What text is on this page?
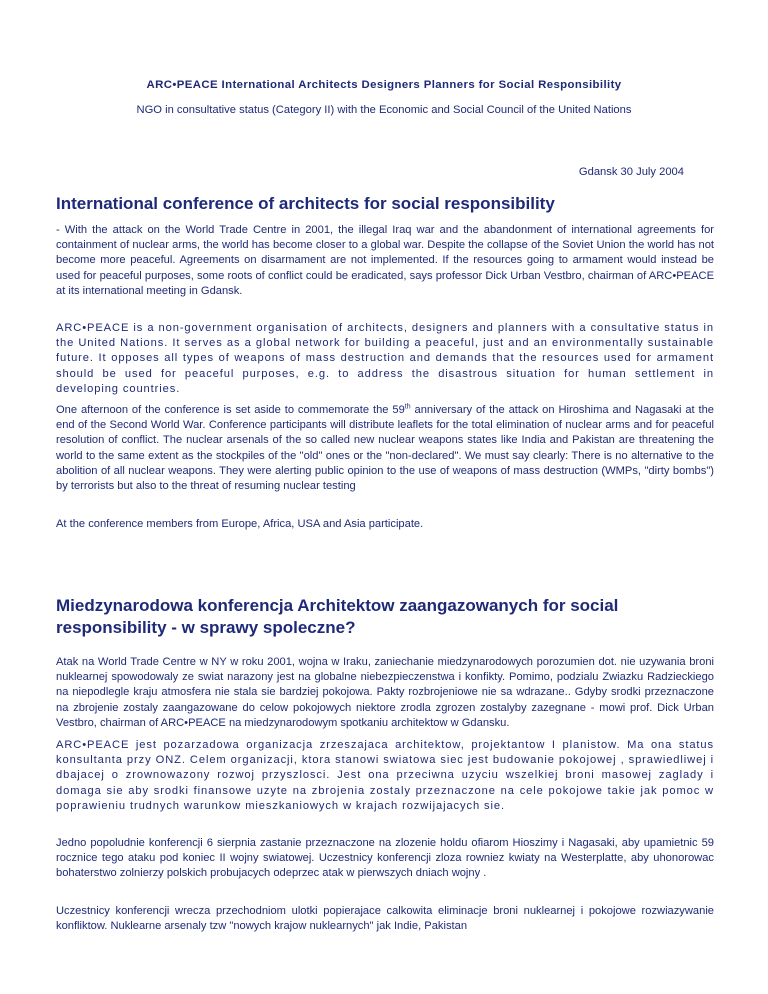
ARC•PEACE International Architects Designers Planners for Social Responsibility
NGO in consultative status (Category II) with the Economic and Social Council of the United Nations
Gdansk 30 July 2004
International conference of architects for social responsibility

- With the attack on the World Trade Centre in 2001, the illegal Iraq war and the abandonment of international agreements for containment of nuclear arms, the world has become closer to a global war. Despite the collapse of the Soviet Union the world has not become more peaceful. Agreements on disarmament are not implemented. If the resources going to armament would instead be used for peaceful purposes, some roots of conflict could be eradicated, says professor Dick Urban Vestbro, chairman of ARC•PEACE at its international meeting in Gdansk.

ARC•PEACE is a non-government organisation of architects, designers and planners with a consultative status in the United Nations. It serves as a global network for building a peaceful, just and an environmentally sustainable future. It opposes all types of weapons of mass destruction and demands that the resources used for armament should be used for peaceful purposes, e.g. to address the disastrous situation for human settlement in developing countries.

One afternoon of the conference is set aside to commemorate the 59th anniversary of the attack on Hiroshima and Nagasaki at the end of the Second World War. Conference participants will distribute leaflets for the total elimination of nuclear arms and for peaceful resolution of conflict. The nuclear arsenals of the so called new nuclear weapons states like India and Pakistan are threatening the world to the same extent as the stockpiles of the "old" ones or the "non-declared". We must say clearly: There is no alternative to the abolition of all nuclear weapons. They were alerting public opinion to the use of weapons of mass destruction (WMPs, "dirty bombs") by terrorists but also to the threat of resuming nuclear testing

At the conference members from Europe, Africa, USA and Asia participate.

Miedzynarodowa konferencja Architektow zaangazowanych for social responsibility - w sprawy spoleczne?

Atak na World Trade Centre w NY w roku 2001, wojna w Iraku, zaniechanie miedzynarodowych porozumien dot. nie uzywania broni nuklearnej spowodowaly ze swiat narazony jest na globalne niebezpieczenstwa i konfikty. Pomimo, podzialu Zwiazku Radzieckiego na niepodlegle kraju atmosfera nie stala sie bardziej pokojowa. Pakty rozbrojeniowe nie sa wdrazane.. Gdyby srodki przeznaczone na zbrojenie zostaly zaangazowane do celow pokojowych niektore zrodla zgrozen zostalyby zazegnane - mowi prof. Dick Urban Vestbro, chairman of ARC•PEACE na miedzynarodowym spotkaniu architektow w Gdansku.

ARC•PEACE jest pozarzadowa organizacja zrzeszajaca architektow, projektantow I planistow. Ma ona status konsultanta przy ONZ. Celem organizacji, ktora stanowi swiatowa siec jest budowanie pokojowej , sprawiedliwej i dbajacej o zrownowazony rozwoj przyszlosci. Jest ona przeciwna uzyciu wszelkiej broni masowej zaglady i domaga sie aby srodki finansowe uzyte na zbrojenia zostaly przeznaczone na cele pokojowe takie jak pomoc w poprawieniu trudnych warunkow mieszkaniowych w krajach rozwijajacych sie.

Jedno popoludnie konferencji 6 sierpnia zastanie przeznaczone na zlozenie holdu ofiarom Hioszimy i Nagasaki, aby upamietnic 59 rocznice tego ataku pod koniec II wojny swiatowej. Uczestnicy konferencji zloza rowniez kwiaty na Westerplatte, aby uhonorowac bohaterstwo zolnierzy polskich probujacych odeprzec atak w pierwszych dniach wojny .

Uczestnicy konferencji wrecza przechodniom ulotki popierajace calkowita eliminacje broni nuklearnej i pokojowe rozwiazywanie konfliktow. Nuklearne arsenaly tzw "nowych krajow nuklearnych" jak Indie, Pakistan
